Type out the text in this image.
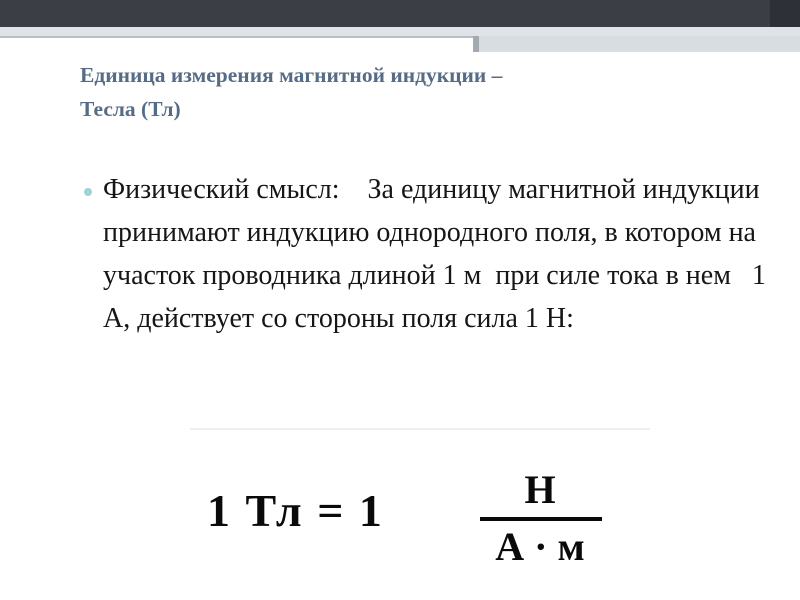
Единица измерения магнитной индукции –
Тесла (Тл)
Физический смысл:    За единицу магнитной индукции принимают индукцию однородного поля, в котором на участок проводника длиной 1 м  при силе тока в нем   1 А, действует со стороны поля сила 1 Н:
1 Тл = 1	Н
А · м
